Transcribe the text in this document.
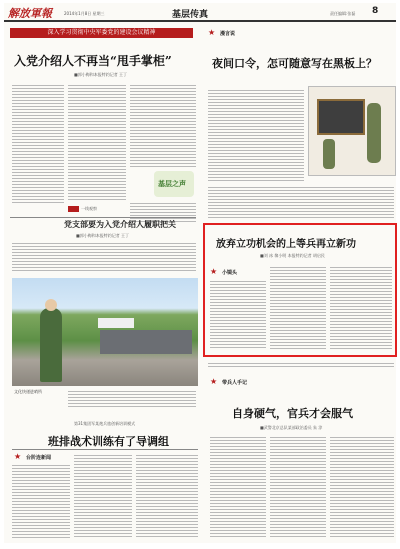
解放軍報	2014年1月8日 星期三	基层传真	责任编辑:张磊 8
深入学习贯彻中央军委党的建设会议精神
入党介绍人不再当“甩手掌柜”
■郭小梅和本报特约记者 王丁
基层之声
一线观察
党支部要为入党介绍人履职把关
■郭小梅和本报特约记者 王丁
文化快递进哨所
第31集团军某炮兵旅创新培训模式
班排战术训练有了导调组
★ 台阶连新闻
★ 漫言说
夜间口令，怎可随意写在黑板上？
放弃立功机会的上等兵再立新功
■刘 冰 黎小明 本报特约记者 胡启民
★ 小镜头
★ 带兵人手记
自身硬气，官兵才会服气
■武警北京总队某部政治委员 朱 淳
